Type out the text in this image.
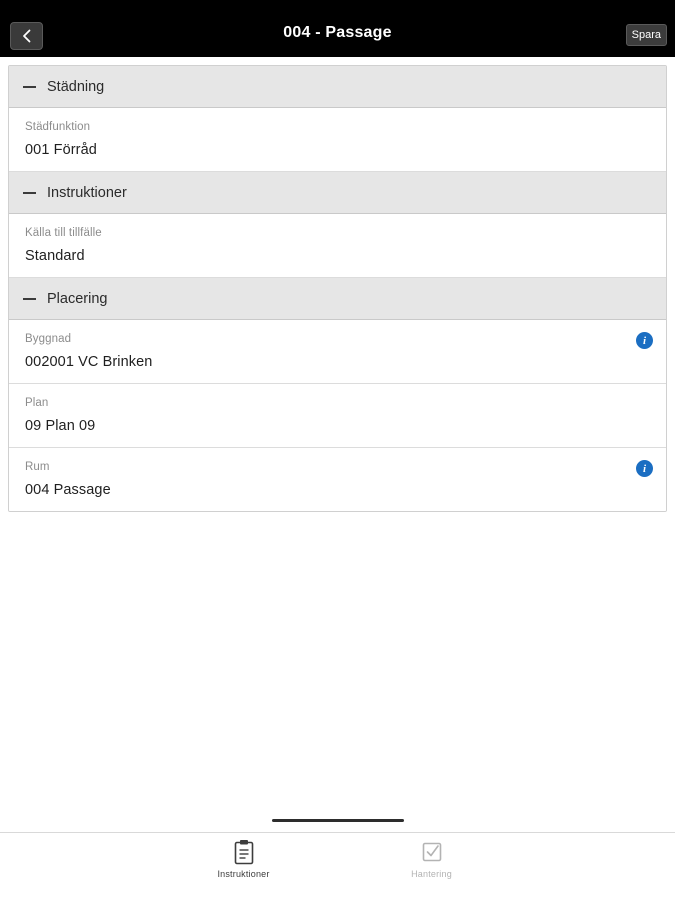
004 - Passage	Spara
Städning
Städfunktion
001 Förråd
Instruktioner
Källa till tillfälle
Standard
Placering
Byggnad
002001 VC Brinken
i
Plan
09 Plan 09
Rum
004 Passage
i
Instruktioner	Hantering
